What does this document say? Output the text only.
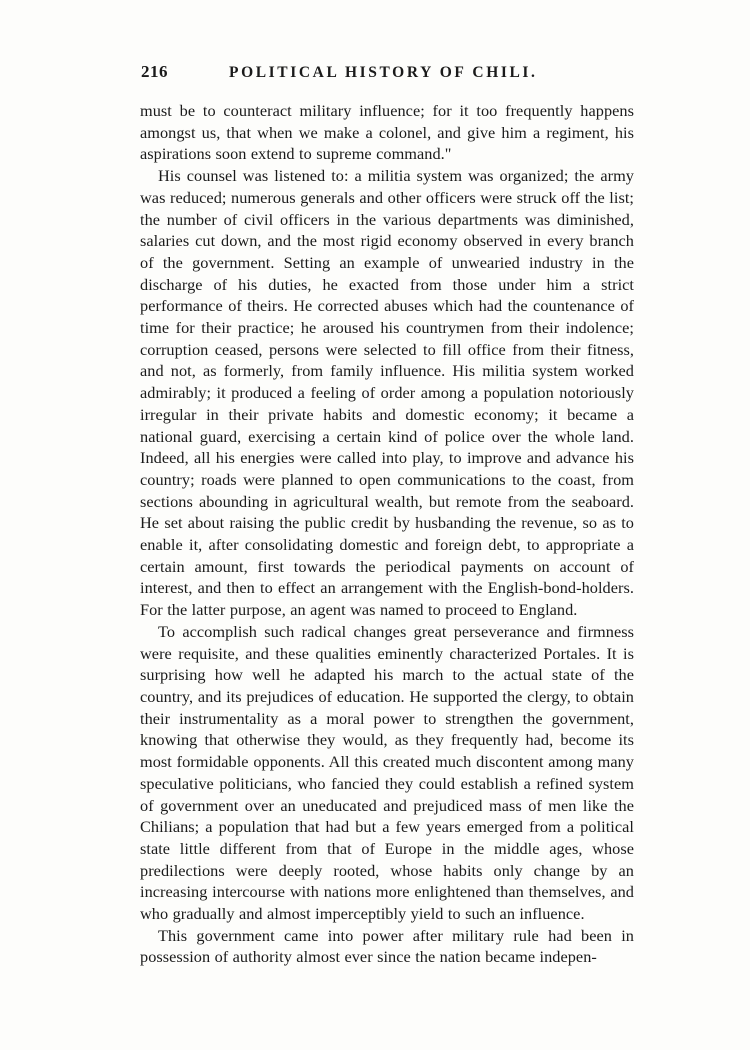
216	POLITICAL HISTORY OF CHILI.

must be to counteract military influence; for it too frequently happens amongst us, that when we make a colonel, and give him a regiment, his aspirations soon extend to supreme command."

His counsel was listened to: a militia system was organized; the army was reduced; numerous generals and other officers were struck off the list; the number of civil officers in the various departments was diminished, salaries cut down, and the most rigid economy observed in every branch of the government. Setting an example of unwearied industry in the discharge of his duties, he exacted from those under him a strict performance of theirs. He corrected abuses which had the countenance of time for their practice; he aroused his countrymen from their indolence; corruption ceased, persons were selected to fill office from their fitness, and not, as formerly, from family influence. His militia system worked admirably; it produced a feeling of order among a population notoriously irregular in their private habits and domestic economy; it became a national guard, exercising a certain kind of police over the whole land. Indeed, all his energies were called into play, to improve and advance his country; roads were planned to open communications to the coast, from sections abounding in agricultural wealth, but remote from the seaboard. He set about raising the public credit by husbanding the revenue, so as to enable it, after consolidating domestic and foreign debt, to appropriate a certain amount, first towards the periodical payments on account of interest, and then to effect an arrangement with the English-bond-holders. For the latter purpose, an agent was named to proceed to England.

To accomplish such radical changes great perseverance and firmness were requisite, and these qualities eminently characterized Portales. It is surprising how well he adapted his march to the actual state of the country, and its prejudices of education. He supported the clergy, to obtain their instrumentality as a moral power to strengthen the government, knowing that otherwise they would, as they frequently had, become its most formidable opponents. All this created much discontent among many speculative politicians, who fancied they could establish a refined system of government over an uneducated and prejudiced mass of men like the Chilians; a population that had but a few years emerged from a political state little different from that of Europe in the middle ages, whose predilections were deeply rooted, whose habits only change by an increasing intercourse with nations more enlightened than themselves, and who gradually and almost imperceptibly yield to such an influence.

This government came into power after military rule had been in possession of authority almost ever since the nation became indepen-
